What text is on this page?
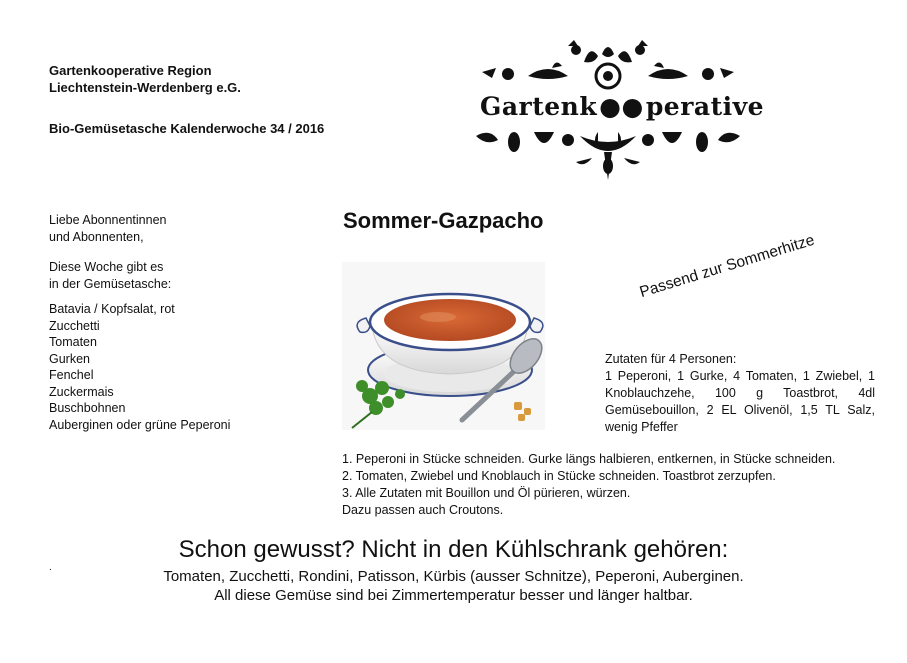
Gartenkooperative Region
Liechtenstein-Werdenberg e.G.
Bio-Gemüsetasche Kalenderwoche 34 / 2016
Gartenk●●perative
Liebe Abonnentinnen
und Abonnenten,
Diese Woche gibt es
in der Gemüsetasche:
Batavia / Kopfsalat, rot
Zucchetti
Tomaten
Gurken
Fenchel
Zuckermais
Buschbohnen
Auberginen oder grüne Peperoni
Sommer-Gazpacho
Passend zur Sommerhitze
Zutaten für 4 Personen:
1 Peperoni, 1 Gurke, 4 Tomaten, 1 Zwiebel, 1 Knoblauchzehe, 100 g Toastbrot, 4dl Gemüsebouillon, 2 EL Olivenöl, 1,5 TL Salz, wenig Pfeffer
1. Peperoni in Stücke schneiden. Gurke längs halbieren, entkernen, in Stücke schneiden.
2. Tomaten, Zwiebel und Knoblauch in Stücke schneiden. Toastbrot zerzupfen.
3. Alle Zutaten mit Bouillon und Öl pürieren, würzen.
Dazu passen auch Croutons.
Schon gewusst? Nicht in den Kühlschrank gehören:
.
Tomaten, Zucchetti, Rondini, Patisson, Kürbis (ausser Schnitze), Peperoni, Auberginen.
All diese Gemüse sind bei Zimmertemperatur besser und länger haltbar.
